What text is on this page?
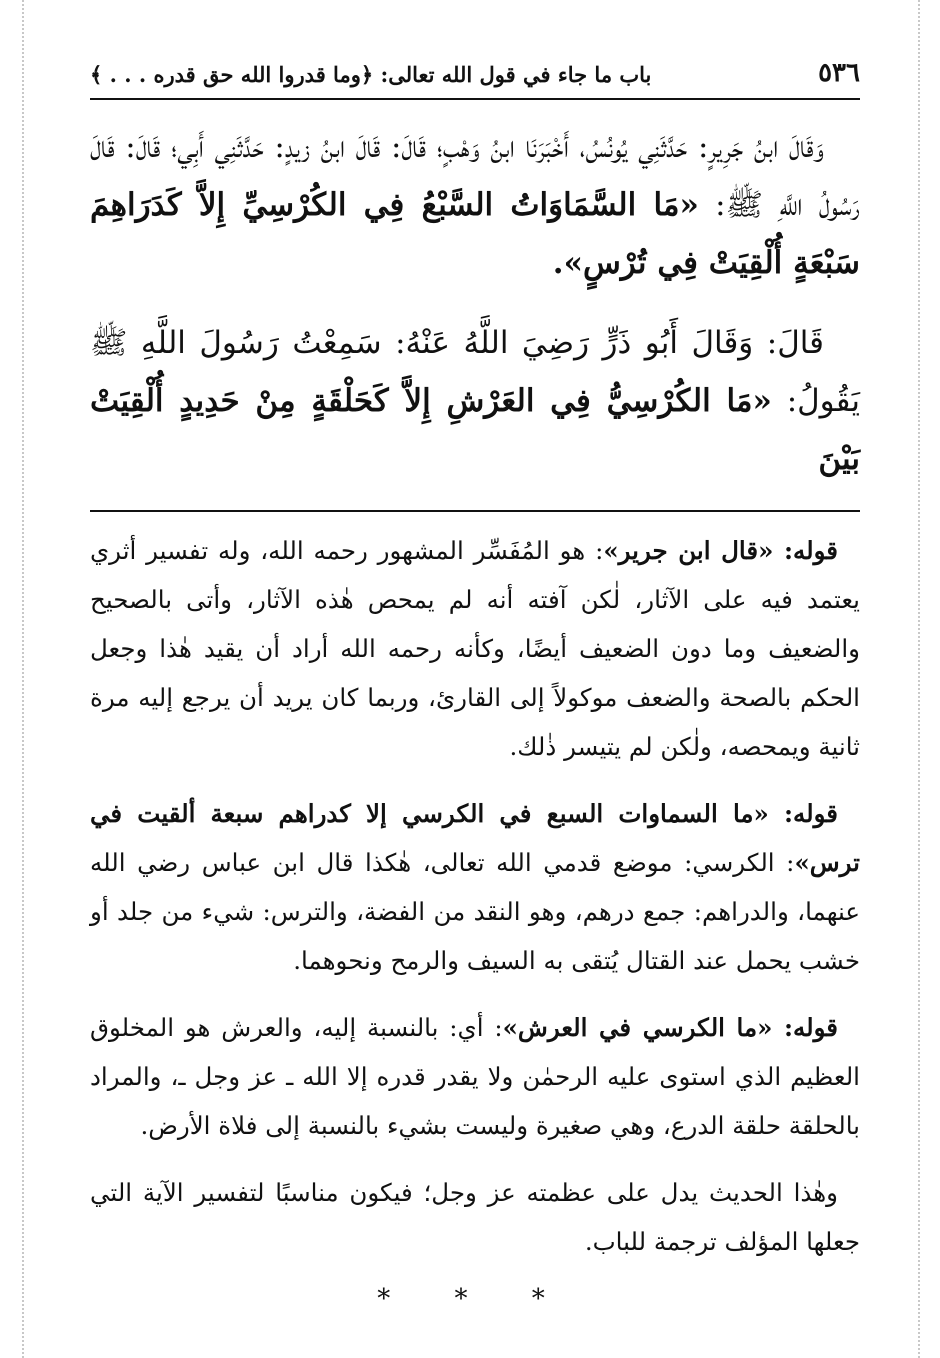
٥٣٦
باب ما جاء في قول الله تعالى: ﴿وما قدروا الله حق قدره . . . ﴾

وَقَالَ ابنُ جَرِيرٍ: حَدَّثَنِي يُونُسُ، أَخْبَرَنَا ابنُ وَهْبٍ؛ قَالَ: قَالَ ابنُ زيدٍ: حَدَّثَنِي أَبِي؛ قَالَ: قَالَ رَسُولُ اللَّهِ ﷺ: «مَا السَّمَاوَاتُ السَّبْعُ فِي الكُرْسِيِّ إِلاَّ كَدَرَاهِمَ سَبْعَةٍ أُلْقِيَتْ فِي تُرْسٍ».

قَالَ: وَقَالَ أَبُو ذَرٍّ رَضِيَ اللَّهُ عَنْهُ: سَمِعْتُ رَسُولَ اللَّهِ ﷺ يَقُولُ: «مَا الكُرْسِيُّ فِي العَرْشِ إِلاَّ كَحَلْقَةٍ مِنْ حَدِيدٍ أُلْقِيَتْ بَيْنَ

قوله: «قال ابن جرير»: هو المُفَسِّر المشهور رحمه الله، وله تفسير أثري يعتمد فيه على الآثار، لٰكن آفته أنه لم يمحص هٰذه الآثار، وأتى بالصحيح والضعيف وما دون الضعيف أيضًا، وكأنه رحمه الله أراد أن يقيد هٰذا وجعل الحكم بالصحة والضعف موكولاً إلى القارئ، وربما كان يريد أن يرجع إليه مرة ثانية ويمحصه، ولٰكن لم يتيسر ذٰلك.

قوله: «ما السماوات السبع في الكرسي إلا كدراهم سبعة ألقيت في ترس»: الكرسي: موضع قدمي الله تعالى، هٰكذا قال ابن عباس رضي الله عنهما، والدراهم: جمع درهم، وهو النقد من الفضة، والترس: شيء من جلد أو خشب يحمل عند القتال يُتقى به السيف والرمح ونحوهما.

قوله: «ما الكرسي في العرش»: أي: بالنسبة إليه، والعرش هو المخلوق العظيم الذي استوى عليه الرحمٰن ولا يقدر قدره إلا الله ـ عز وجل ـ، والمراد بالحلقة حلقة الدرع، وهي صغيرة وليست بشيء بالنسبة إلى فلاة الأرض.

وهٰذا الحديث يدل على عظمته عز وجل؛ فيكون مناسبًا لتفسير الآية التي جعلها المؤلف ترجمة للباب.

* * *
